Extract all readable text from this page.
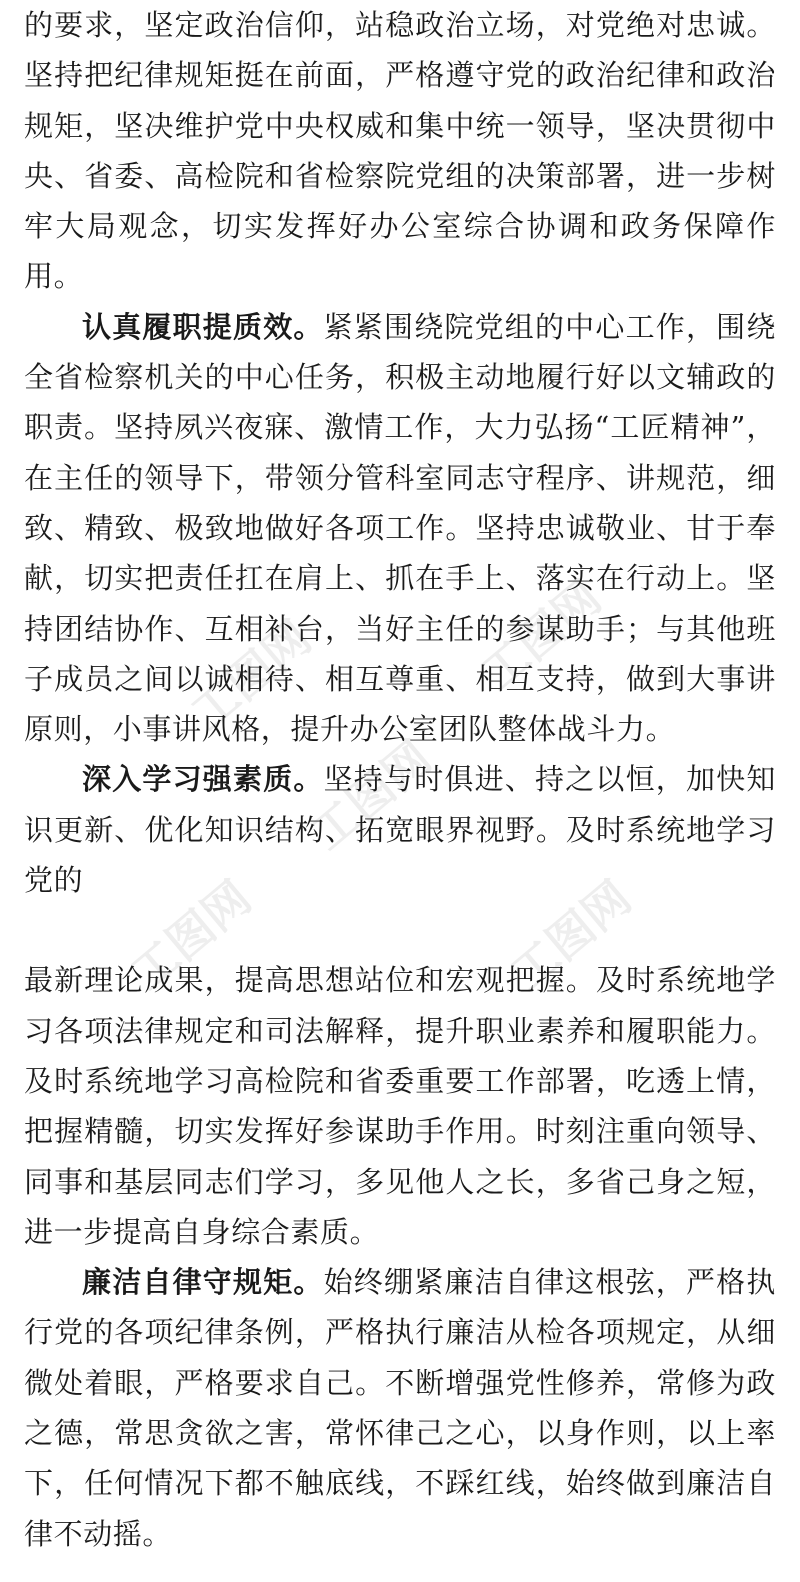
工图网	工图网
工图网
工图网	工图网

的要求，坚定政治信仰，站稳政治立场，对党绝对忠诚。坚持把纪律规矩挺在前面，严格遵守党的政治纪律和政治规矩，坚决维护党中央权威和集中统一领导，坚决贯彻中央、省委、高检院和省检察院党组的决策部署，进一步树牢大局观念，切实发挥好办公室综合协调和政务保障作用。

认真履职提质效。紧紧围绕院党组的中心工作，围绕全省检察机关的中心任务，积极主动地履行好以文辅政的职责。坚持夙兴夜寐、激情工作，大力弘扬“工匠精神”，在主任的领导下，带领分管科室同志守程序、讲规范，细致、精致、极致地做好各项工作。坚持忠诚敬业、甘于奉献，切实把责任扛在肩上、抓在手上、落实在行动上。坚持团结协作、互相补台，当好主任的参谋助手；与其他班子成员之间以诚相待、相互尊重、相互支持，做到大事讲原则，小事讲风格，提升办公室团队整体战斗力。

深入学习强素质。坚持与时俱进、持之以恒，加快知识更新、优化知识结构、拓宽眼界视野。及时系统地学习党的

最新理论成果，提高思想站位和宏观把握。及时系统地学习各项法律规定和司法解释，提升职业素养和履职能力。及时系统地学习高检院和省委重要工作部署，吃透上情，把握精髓，切实发挥好参谋助手作用。时刻注重向领导、同事和基层同志们学习，多见他人之长，多省己身之短，进一步提高自身综合素质。

廉洁自律守规矩。始终绷紧廉洁自律这根弦，严格执行党的各项纪律条例，严格执行廉洁从检各项规定，从细微处着眼，严格要求自己。不断增强党性修养，常修为政之德，常思贪欲之害，常怀律己之心，以身作则，以上率下，任何情况下都不触底线，不踩红线，始终做到廉洁自律不动摇。
